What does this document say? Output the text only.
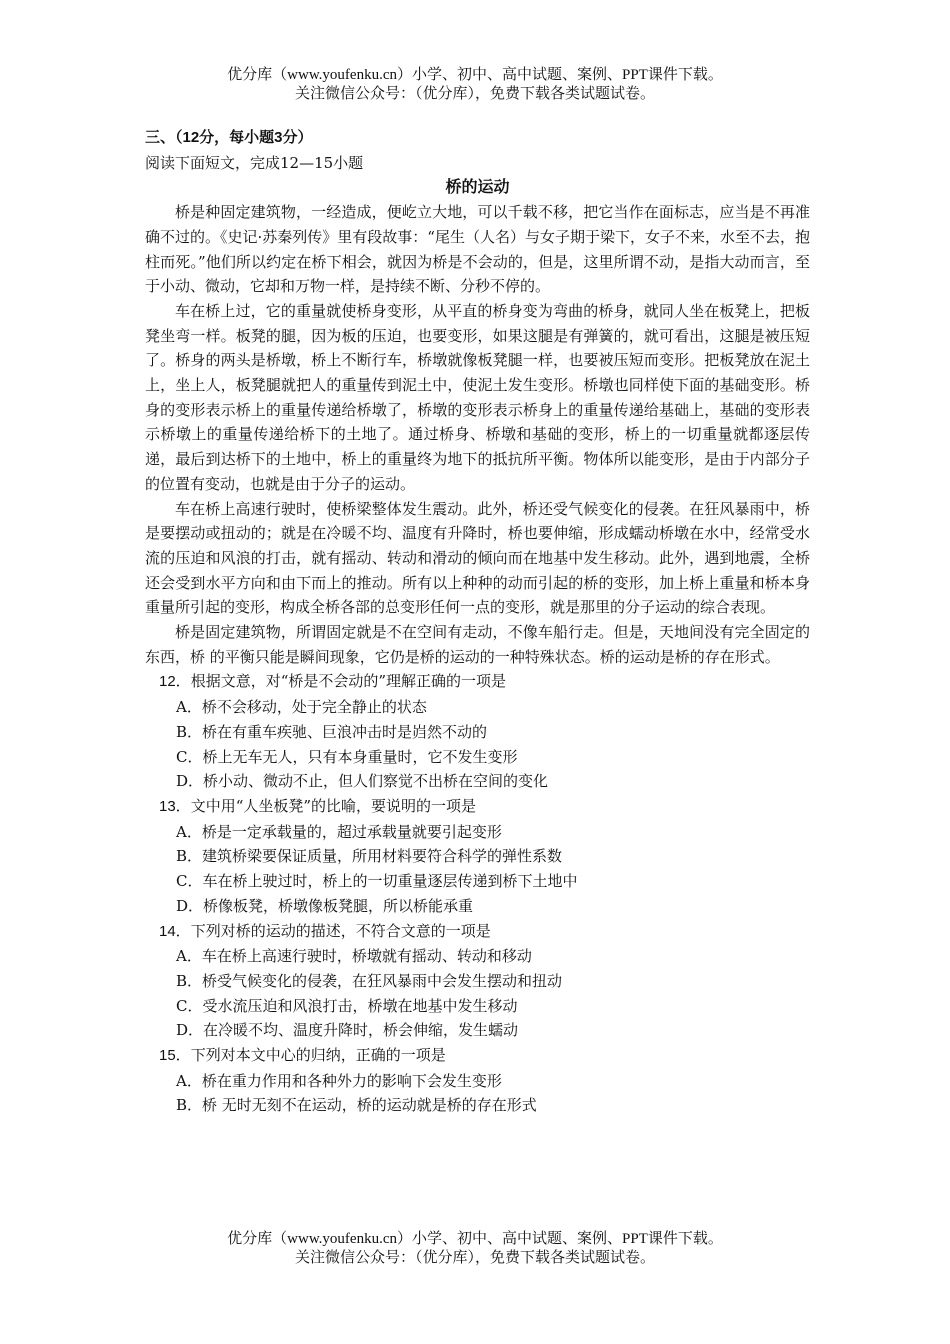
优分库（www.youfenku.cn）小学、初中、高中试题、案例、PPT课件下载。
关注微信公众号：（优分库），免费下载各类试题试卷。
三、（12分，每小题3分）
阅读下面短文，完成12—15小题
桥的运动

桥是种固定建筑物，一经造成，便屹立大地，可以千载不移，把它当作在面标志，应当是不再准确不过的。《史记·苏秦列传》里有段故事：“尾生（人名）与女子期于梁下，女子不来，水至不去，抱柱而死。”他们所以约定在桥下相会，就因为桥是不会动的，但是，这里所谓不动，是指大动而言，至于小动、微动，它却和万物一样，是持续不断、分秒不停的。

车在桥上过，它的重量就使桥身变形，从平直的桥身变为弯曲的桥身，就同人坐在板凳上，把板凳坐弯一样。板凳的腿，因为板的压迫，也要变形，如果这腿是有弹簧的，就可看出，这腿是被压短了。桥身的两头是桥墩，桥上不断行车，桥墩就像板凳腿一样，也要被压短而变形。把板凳放在泥土上，坐上人，板凳腿就把人的重量传到泥土中，使泥土发生变形。桥墩也同样使下面的基础变形。桥身的变形表示桥上的重量传递给桥墩了，桥墩的变形表示桥身上的重量传递给基础上，基础的变形表示桥墩上的重量传递给桥下的土地了。通过桥身、桥墩和基础的变形，桥上的一切重量就都逐层传递，最后到达桥下的土地中，桥上的重量终为地下的抵抗所平衡。物体所以能变形，是由于内部分子的位置有变动，也就是由于分子的运动。

车在桥上高速行驶时，使桥梁整体发生震动。此外，桥还受气候变化的侵袭。在狂风暴雨中，桥是要摆动或扭动的；就是在冷暖不均、温度有升降时，桥也要伸缩，形成蠕动桥墩在水中，经常受水流的压迫和风浪的打击，就有摇动、转动和滑动的倾向而在地基中发生移动。此外，遇到地震，全桥还会受到水平方向和由下而上的推动。所有以上种种的动而引起的桥的变形，加上桥上重量和桥本身重量所引起的变形，构成全桥各部的总变形任何一点的变形，就是那里的分子运动的综合表现。

桥是固定建筑物，所谓固定就是不在空间有走动，不像车船行走。但是，天地间没有完全固定的东西，桥 的平衡只能是瞬间现象，它仍是桥的运动的一种特殊状态。桥的运动是桥的存在形式。

12．根据文意，对“桥是不会动的”理解正确的一项是

A．桥不会移动，处于完全静止的状态

B．桥在有重车疾驰、巨浪冲击时是岿然不动的

C．桥上无车无人，只有本身重量时，它不发生变形

D．桥小动、微动不止，但人们察觉不出桥在空间的变化

13．文中用“人坐板凳”的比喻，要说明的一项是

A．桥是一定承载量的，超过承载量就要引起变形

B．建筑桥梁要保证质量，所用材料要符合科学的弹性系数

C．车在桥上驶过时，桥上的一切重量逐层传递到桥下土地中

D．桥像板凳，桥墩像板凳腿，所以桥能承重

14．下列对桥的运动的描述，不符合文意的一项是

A．车在桥上高速行驶时，桥墩就有摇动、转动和移动

B．桥受气候变化的侵袭，在狂风暴雨中会发生摆动和扭动

C．受水流压迫和风浪打击，桥墩在地基中发生移动

D．在冷暖不均、温度升降时，桥会伸缩，发生蠕动

15．下列对本文中心的归纳，正确的一项是

A．桥在重力作用和各种外力的影响下会发生变形

B．桥 无时无刻不在运动，桥的运动就是桥的存在形式

优分库（www.youfenku.cn）小学、初中、高中试题、案例、PPT课件下载。
关注微信公众号：（优分库），免费下载各类试题试卷。
